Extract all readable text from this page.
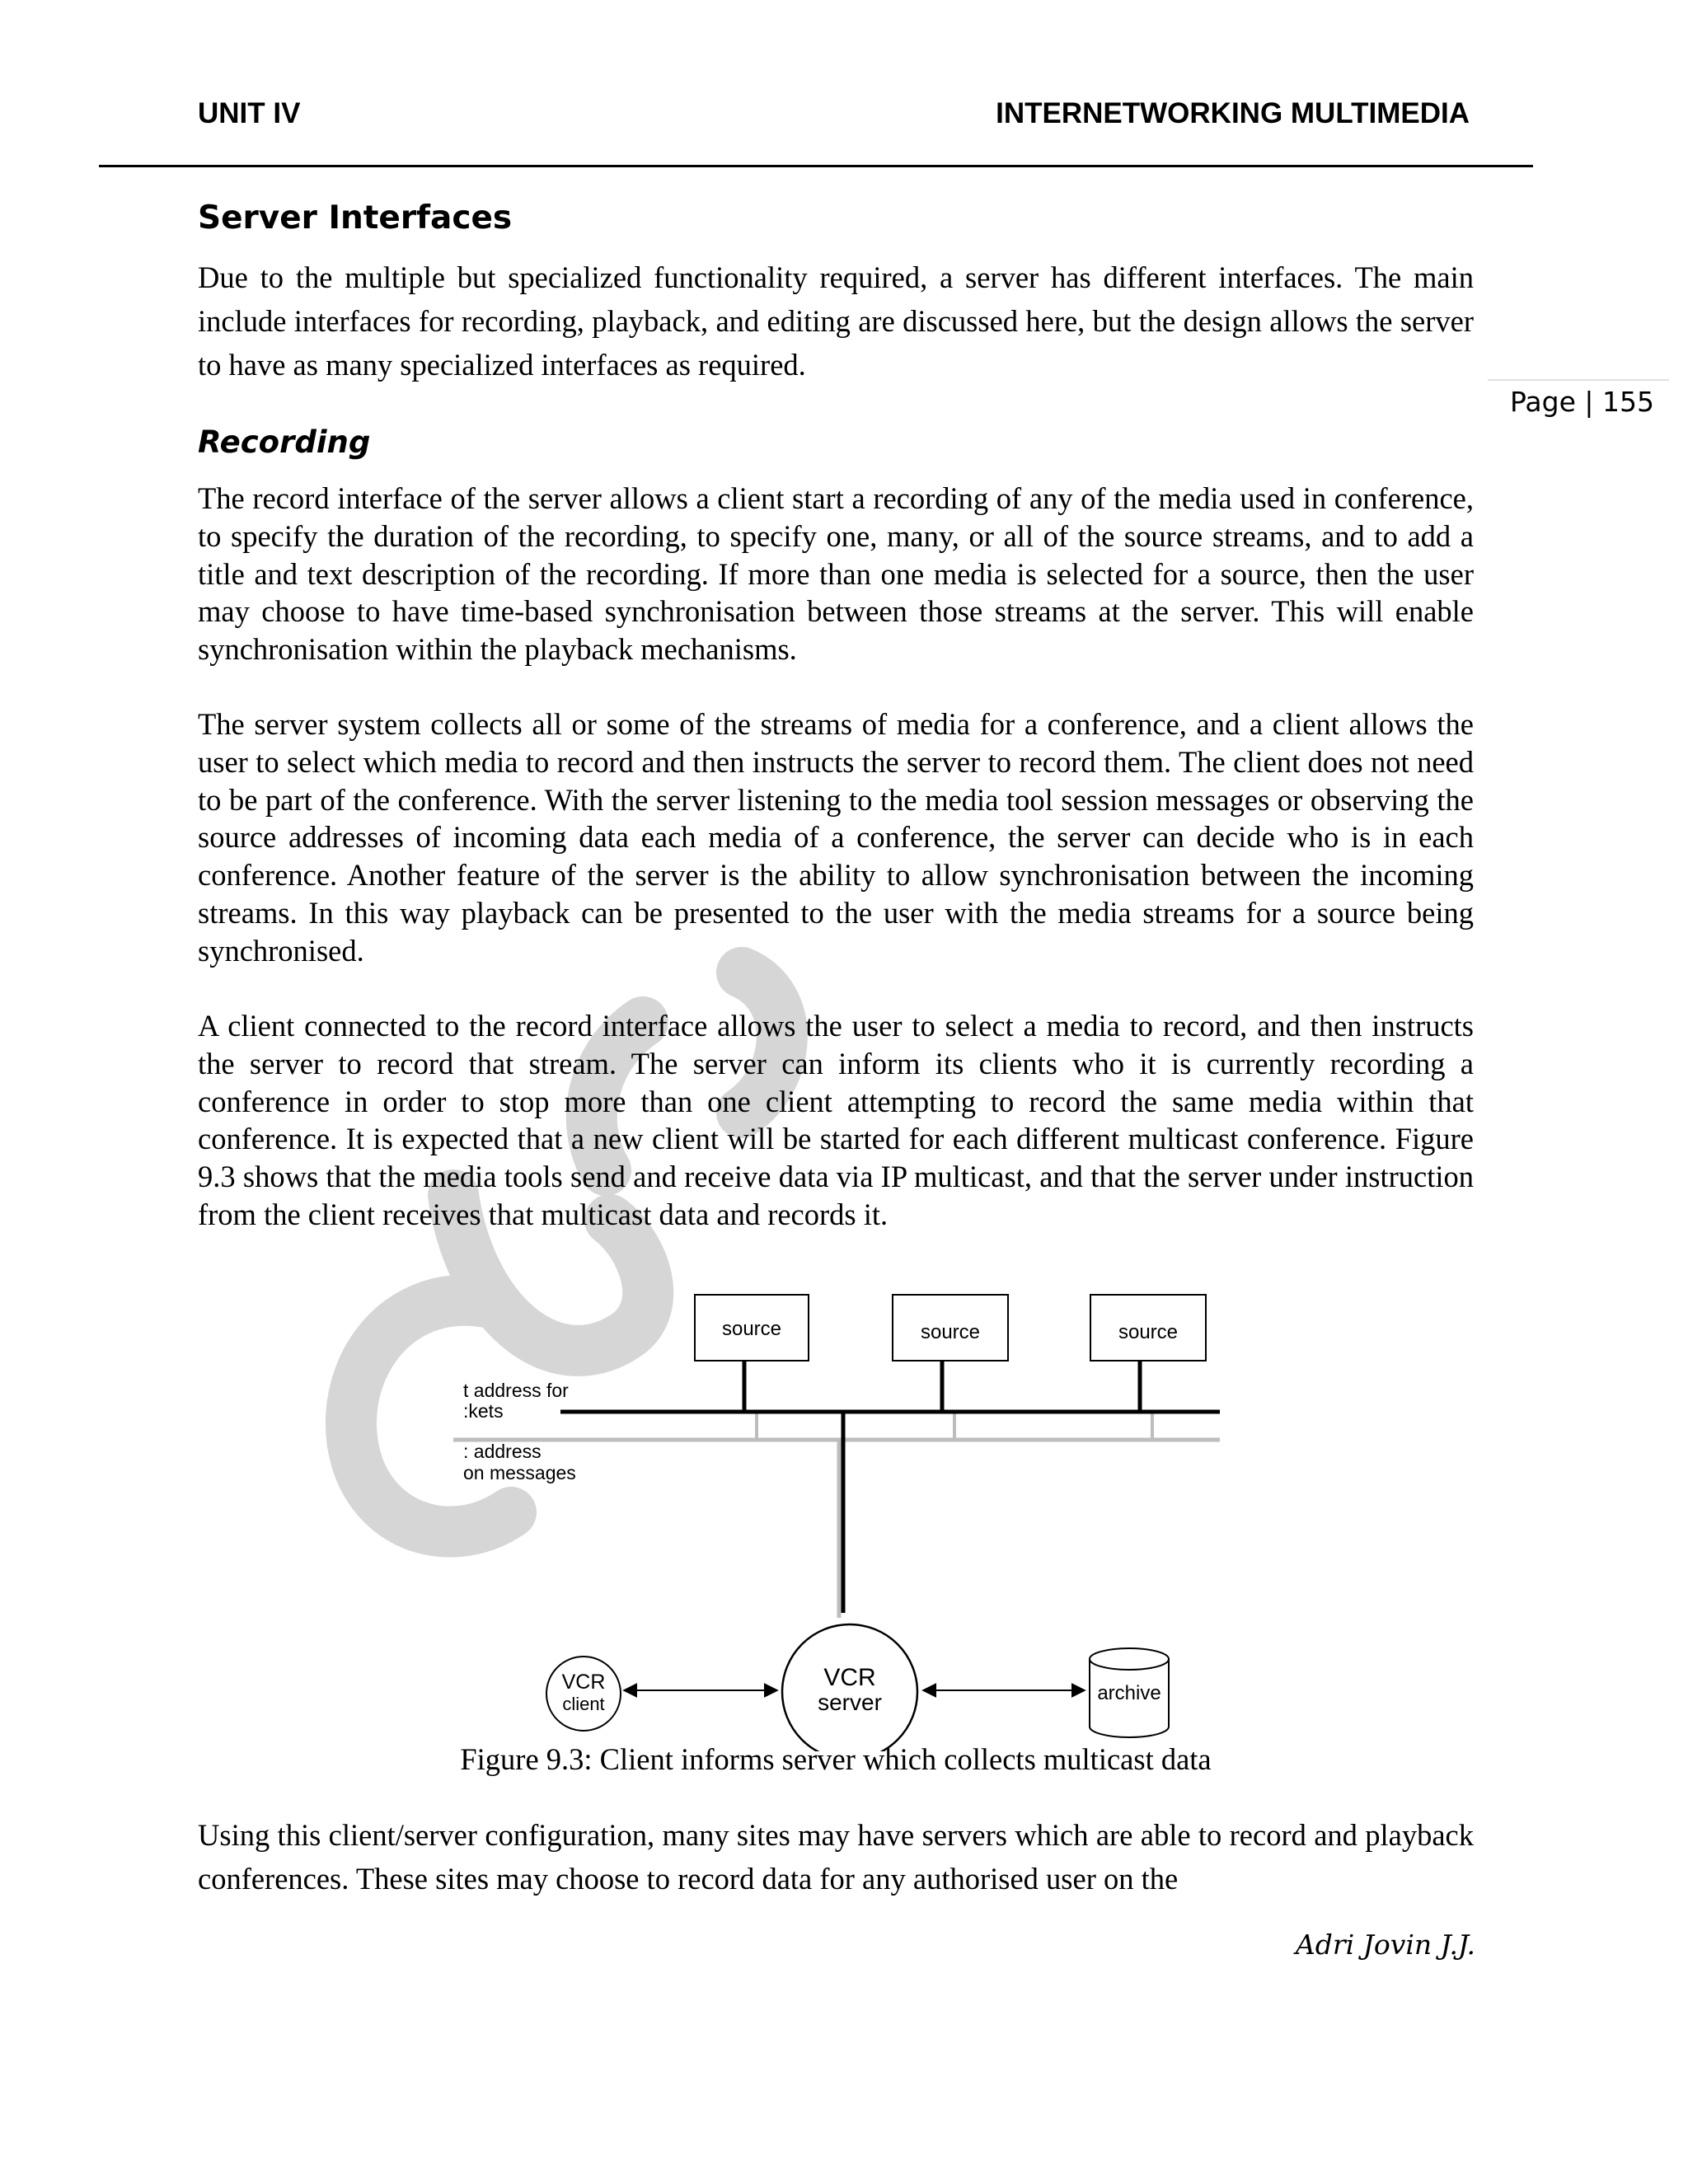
UNIT IV	INTERNETWORKING MULTIMEDIA
Page | 155
Server Interfaces

Due to the multiple but specialized functionality required, a server has different interfaces. The main include interfaces for recording, playback, and editing are discussed here, but the design allows the server to have as many specialized interfaces as required.

Recording

The record interface of the server allows a client start a recording of any of the media used in conference, to specify the duration of the recording, to specify one, many, or all of the source streams, and to add a title and text description of the recording. If more than one media is selected for a source, then the user may choose to have time-based synchronisation between those streams at the server. This will enable synchronisation within the playback mechanisms.

The server system collects all or some of the streams of media for a conference, and a client allows the user to select which media to record and then instructs the server to record them. The client does not need to be part of the conference. With the server listening to the media tool session messages or observing the source addresses of incoming data each media of a conference, the server can decide who is in each conference. Another feature of the server is the ability to allow synchronisation between the incoming streams. In this way playback can be presented to the user with the media streams for a source being synchronised.

A client connected to the record interface allows the user to select a media to record, and then instructs the server to record that stream. The server can inform its clients who it is currently recording a conference in order to stop more than one client attempting to record the same media within that conference. It is expected that a new client will be started for each different multicast conference. Figure 9.3 shows that the media tools send and receive data via IP multicast, and that the server under instruction from the client receives that multicast data and records it.

source	source	source
t address for
:kets
: address
on messages
VCR
client
VCR
server	archive
Figure 9.3: Client informs server which collects multicast data

Using this client/server configuration, many sites may have servers which are able to record and playback conferences. These sites may choose to record data for any authorised user on the

Adri Jovin J.J.
